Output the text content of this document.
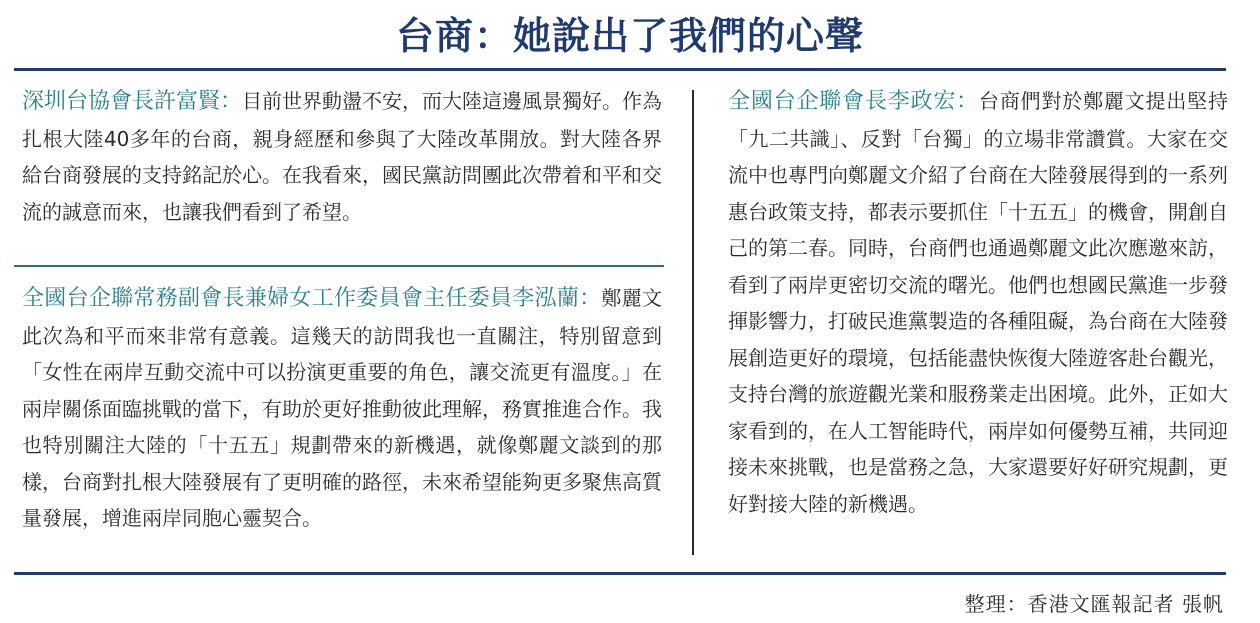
台商：她說出了我們的心聲
深圳台協會長許富賢：目前世界動盪不安，而大陸這邊風景獨好。作為扎根大陸40多年的台商，親身經歷和參與了大陸改革開放。對大陸各界給台商發展的支持銘記於心。在我看來，國民黨訪問團此次帶着和平和交流的誠意而來，也讓我們看到了希望。
全國台企聯常務副會長兼婦女工作委員會主任委員李泓蘭：鄭麗文此次為和平而來非常有意義。這幾天的訪問我也一直關注，特別留意到「女性在兩岸互動交流中可以扮演更重要的角色，讓交流更有溫度。」在兩岸關係面臨挑戰的當下，有助於更好推動彼此理解，務實推進合作。我也特別關注大陸的「十五五」規劃帶來的新機遇，就像鄭麗文談到的那樣，台商對扎根大陸發展有了更明確的路徑，未來希望能夠更多聚焦高質量發展，增進兩岸同胞心靈契合。
全國台企聯會長李政宏：台商們對於鄭麗文提出堅持「九二共識」、反對「台獨」的立場非常讚賞。大家在交流中也專門向鄭麗文介紹了台商在大陸發展得到的一系列惠台政策支持，都表示要抓住「十五五」的機會，開創自己的第二春。同時，台商們也通過鄭麗文此次應邀來訪，看到了兩岸更密切交流的曙光。他們也想國民黨進一步發揮影響力，打破民進黨製造的各種阻礙，為台商在大陸發展創造更好的環境，包括能盡快恢復大陸遊客赴台觀光，支持台灣的旅遊觀光業和服務業走出困境。此外，正如大家看到的，在人工智能時代，兩岸如何優勢互補，共同迎接未來挑戰，也是當務之急，大家還要好好研究規劃，更好對接大陸的新機遇。
整理：香港文匯報記者 張帆
